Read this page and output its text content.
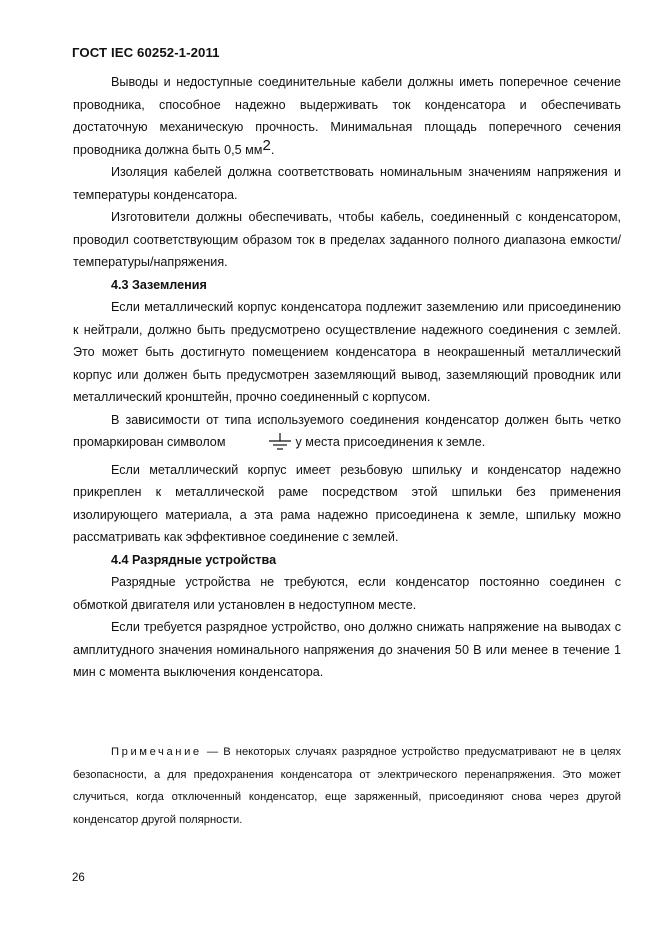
ГОСТ IEC 60252-1-2011

Выводы и недоступные соединительные кабели должны иметь поперечное сечение проводника, способное надежно выдерживать ток конденсатора и обеспечивать достаточную механическую прочность. Минимальная площадь поперечного сечения проводника должна быть 0,5 мм2.

Изоляция кабелей должна соответствовать номинальным значениям напряжения и температуры конденсатора.

Изготовители должны обеспечивать, чтобы кабель, соединенный с конденсатором, проводил соответствующим образом ток в пределах заданного полного диапазона емкости/температуры/напряжения.

4.3 Заземления

Если металлический корпус конденсатора подлежит заземлению или присоединению к нейтрали, должно быть предусмотрено осуществление надежного соединения с землей. Это может быть достигнуто помещением конденсатора в неокрашенный металлический корпус или должен быть предусмотрен заземляющий вывод, заземляющий проводник или металлический кронштейн, прочно соединенный с корпусом.

В зависимости от типа используемого соединения конденсатор должен быть четко промаркирован символом	у места присоединения к земле.

Если металлический корпус имеет резьбовую шпильку и конденсатор надежно прикреплен к металлической раме посредством этой шпильки без применения изолирующего материала, а эта рама надежно присоединена к земле, шпильку можно рассматривать как эффективное соединение с землей.

4.4 Разрядные устройства

Разрядные устройства не требуются, если конденсатор постоянно соединен с обмоткой двигателя или установлен в недоступном месте.

Если требуется разрядное устройство, оно должно снижать напряжение на выводах с амплитудного значения номинального напряжения до значения 50 В или менее в течение 1 мин с момента выключения конденсатора.

Примечание — В некоторых случаях разрядное устройство предусматривают не в целях безопасности, а для предохранения конденсатора от электрического перенапряжения. Это может случиться, когда отключенный конденсатор, еще заряженный, присоединяют снова через другой конденсатор другой полярности.
26
